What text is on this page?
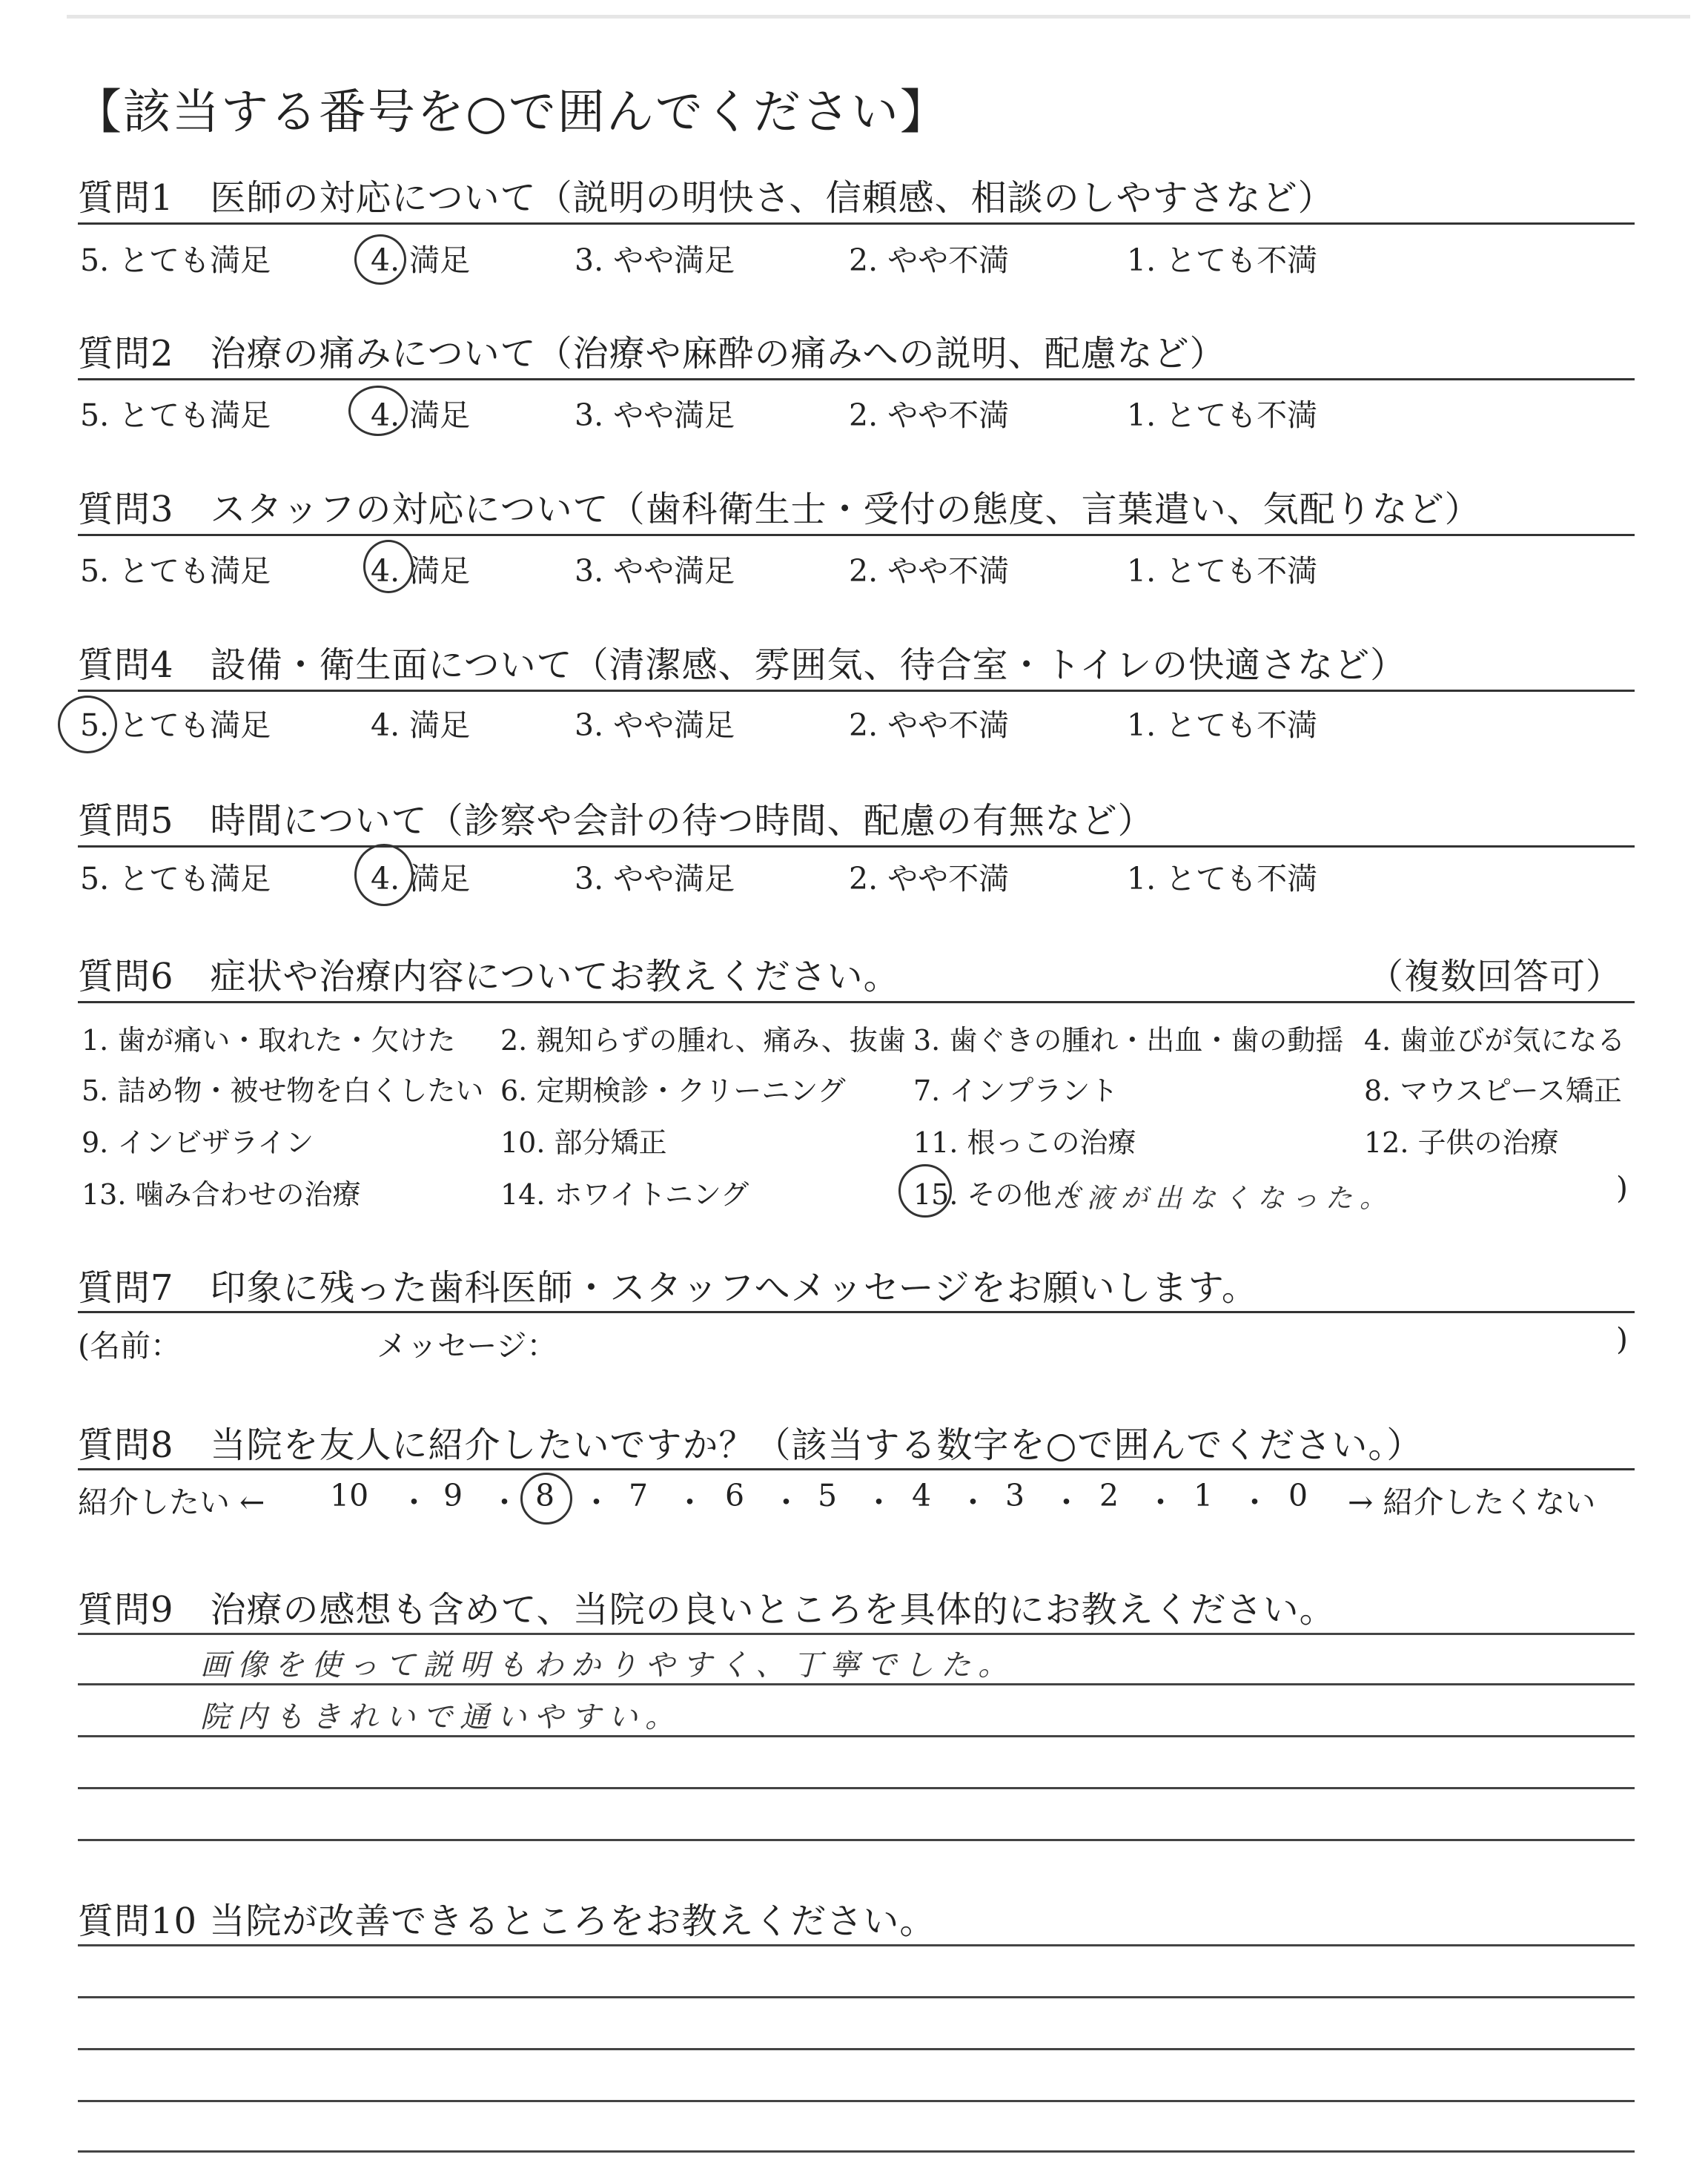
【該当する番号を○で囲んでください】
質問1　医師の対応について（説明の明快さ、信頼感、相談のしやすさなど）
5. とても満足	4. 満足	3. やや満足	2. やや不満	1. とても不満
質問2　治療の痛みについて（治療や麻酔の痛みへの説明、配慮など）
5. とても満足	4. 満足	3. やや満足	2. やや不満	1. とても不満
質問3　スタッフの対応について（歯科衛生士・受付の態度、言葉遣い、気配りなど）
5. とても満足	4. 満足	3. やや満足	2. やや不満	1. とても不満
質問4　設備・衛生面について（清潔感、雰囲気、待合室・トイレの快適さなど）
5. とても満足	4. 満足	3. やや満足	2. やや不満	1. とても不満
質問5　時間について（診察や会計の待つ時間、配慮の有無など）
5. とても満足	4. 満足	3. やや満足	2. やや不満	1. とても不満
質問6　症状や治療内容についてお教えください。	（複数回答可）
1. 歯が痛い・取れた・欠けた 2. 親知らずの腫れ、痛み、抜歯 3. 歯ぐきの腫れ・出血・歯の動揺 4. 歯並びが気になる
5. 詰め物・被せ物を白くしたい 6. 定期検診・クリーニング 7. インプラント	8. マウスピース矯正
9. インビザライン	10. 部分矯正	11. 根っこの治療	12. 子供の治療
13. 噛み合わせの治療	14. ホワイトニング	15. その他（
だ液が出なくなった。	)
質問7　印象に残った歯科医師・スタッフへメッセージをお願いします。
(名前：	メッセージ：	)
質問8　当院を友人に紹介したいですか？（該当する数字を○で囲んでください。）
紹介したい ← 10 ・ 9 ・ 8 ・ 7 ・ 6 ・ 5 ・ 4 ・ 3 ・ 2 ・ 1 ・ 0 → 紹介したくない
質問9　治療の感想も含めて、当院の良いところを具体的にお教えください。
画像を使って説明もわかりやすく、丁寧でした。
院内もきれいで通いやすい。
質問10 当院が改善できるところをお教えください。
